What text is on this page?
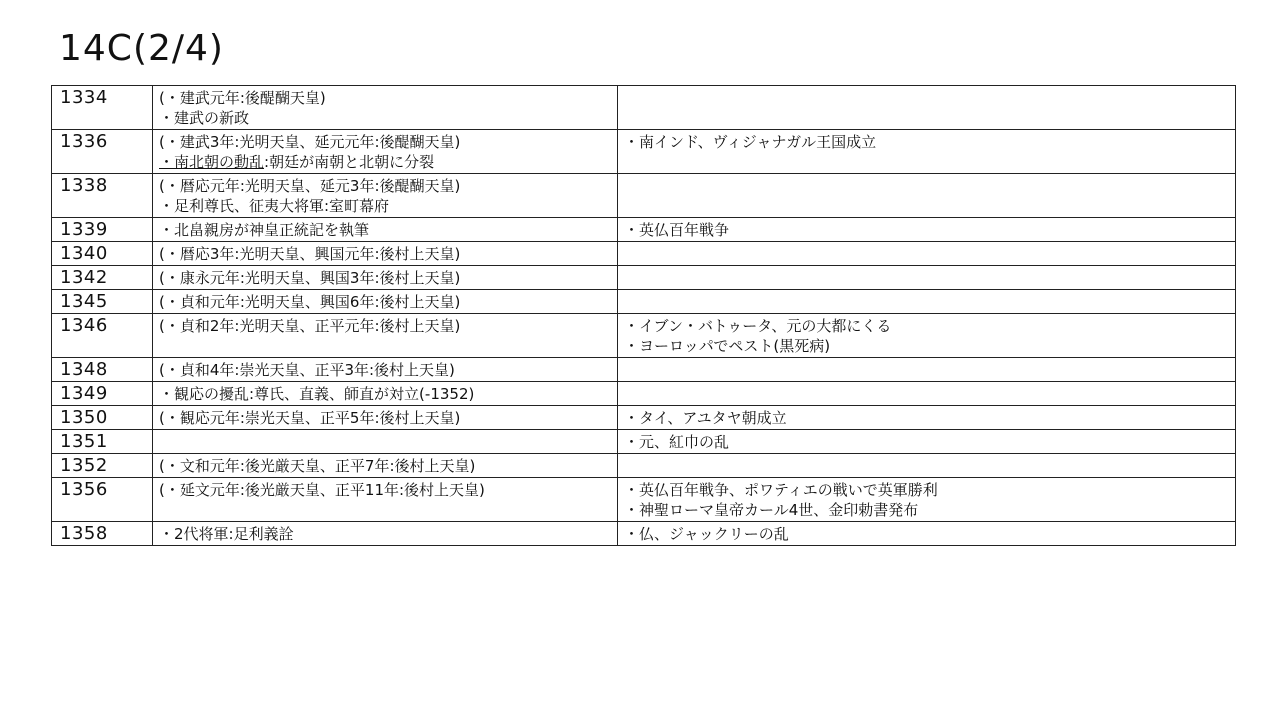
14C(2/4)
1334	(・建武元年:後醍醐天皇)
・建武の新政	

1336	(・建武3年:光明天皇、延元元年:後醍醐天皇)
・南北朝の動乱:朝廷が南朝と北朝に分裂	・南インド、ヴィジャナガル王国成立

1338	(・暦応元年:光明天皇、延元3年:後醍醐天皇)
・足利尊氏、征夷大将軍:室町幕府	

1339	・北畠親房が神皇正統記を執筆	・英仏百年戦争

1340	(・暦応3年:光明天皇、興国元年:後村上天皇)	

1342	(・康永元年:光明天皇、興国3年:後村上天皇)	

1345	(・貞和元年:光明天皇、興国6年:後村上天皇)	

1346	(・貞和2年:光明天皇、正平元年:後村上天皇)	・イブン・バトゥータ、元の大都にくる
・ヨーロッパでペスト(黒死病)

1348	(・貞和4年:崇光天皇、正平3年:後村上天皇)	

1349	・観応の擾乱:尊氏、直義、師直が対立(-1352)	

1350	(・観応元年:崇光天皇、正平5年:後村上天皇)	・タイ、アユタヤ朝成立

1351		・元、紅巾の乱

1352	(・文和元年:後光厳天皇、正平7年:後村上天皇)	

1356	(・延文元年:後光厳天皇、正平11年:後村上天皇)	・英仏百年戦争、ポワティエの戦いで英軍勝利
・神聖ローマ皇帝カール4世、金印勅書発布

1358	・2代将軍:足利義詮	・仏、ジャックリーの乱
